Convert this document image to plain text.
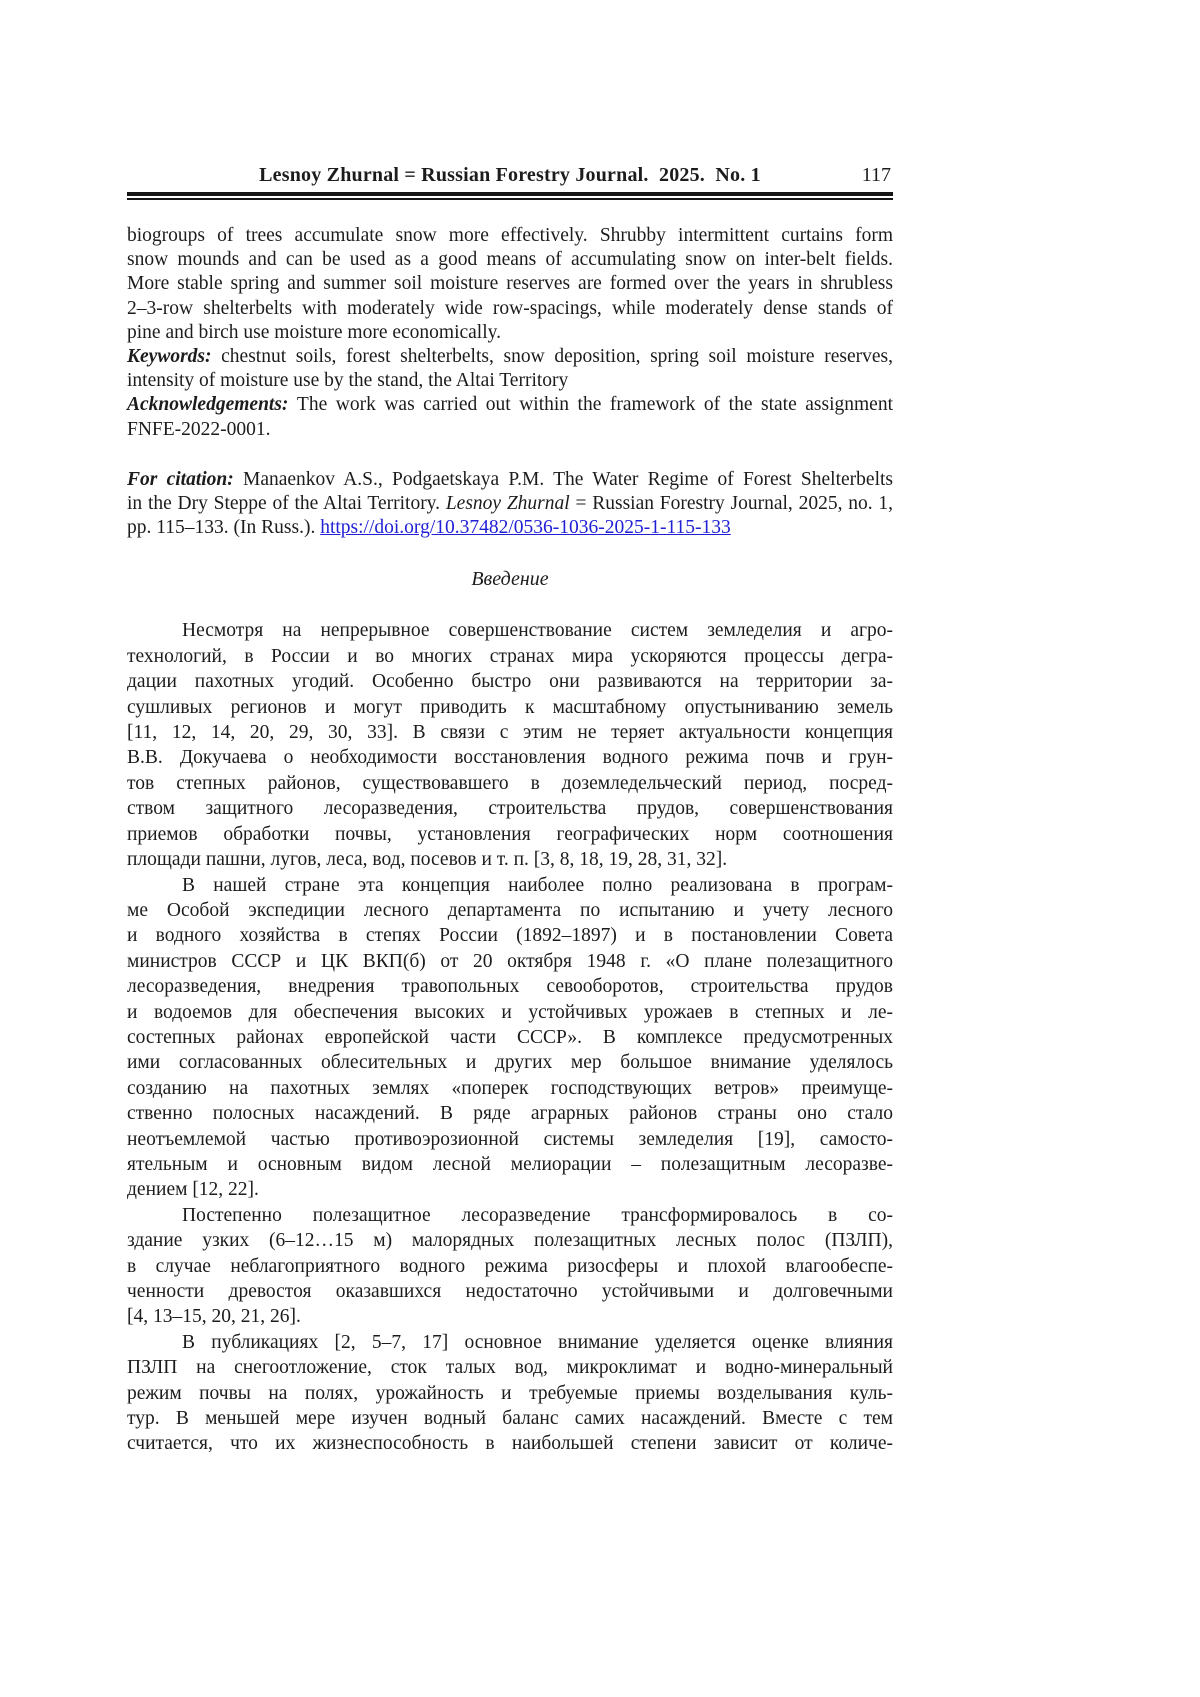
Lesnoy Zhurnal = Russian Forestry Journal.  2025.  No. 1	117
biogroups of trees accumulate snow more effectively. Shrubby intermittent curtains form
snow mounds and can be used as a good means of accumulating snow on inter-belt fields.
More stable spring and summer soil moisture reserves are formed over the years in shrubless
2–3-row shelterbelts with moderately wide row-spacings, while moderately dense stands of
pine and birch use moisture more economically.
Keywords: chestnut soils, forest shelterbelts, snow deposition, spring soil moisture reserves,
intensity of moisture use by the stand, the Altai Territory
Acknowledgements: The work was carried out within the framework of the state assignment
FNFE-2022-0001.
For citation: Manaenkov A.S., Podgaetskaya P.M. The Water Regime of Forest Shelterbelts
in the Dry Steppe of the Altai Territory. Lesnoy Zhurnal = Russian Forestry Journal, 2025, no. 1,
pp. 115–133. (In Russ.). https://doi.org/10.37482/0536-1036-2025-1-115-133
Введение
Несмотря на непрерывное совершенствование систем земледелия и агро-
технологий, в России и во многих странах мира ускоряются процессы дегра-
дации пахотных угодий. Особенно быстро они развиваются на территории за-
сушливых регионов и могут приводить к масштабному опустыниванию земель
[11, 12, 14, 20, 29, 30, 33]. В связи с этим не теряет актуальности концепция
В.В. Докучаева о необходимости восстановления водного режима почв и грун-
тов степных районов, существовавшего в доземледельческий период, посред-
ством защитного лесоразведения, строительства прудов, совершенствования
приемов обработки почвы, установления географических норм соотношения
площади пашни, лугов, леса, вод, посевов и т. п. [3, 8, 18, 19, 28, 31, 32].
В нашей стране эта концепция наиболее полно реализована в програм-
ме Особой экспедиции лесного департамента по испытанию и учету лесного
и водного хозяйства в степях России (1892–1897) и в постановлении Совета
министров СССР и ЦК ВКП(б) от 20 октября 1948 г. «О плане полезащитного
лесоразведения, внедрения травопольных севооборотов, строительства прудов
и водоемов для обеспечения высоких и устойчивых урожаев в степных и ле-
состепных районах европейской части СССР». В комплексе предусмотренных
ими согласованных облесительных и других мер большое внимание уделялось
созданию на пахотных землях «поперек господствующих ветров» преимуще-
ственно полосных насаждений. В ряде аграрных районов страны оно стало
неотъемлемой частью противоэрозионной системы земледелия [19], самосто-
ятельным и основным видом лесной мелиорации – полезащитным лесоразве-
дением [12, 22].
Постепенно полезащитное лесоразведение трансформировалось в со-
здание узких (6–12…15 м) малорядных полезащитных лесных полос (ПЗЛП),
в случае неблагоприятного водного режима ризосферы и плохой влагообеспе-
ченности древостоя оказавшихся недостаточно устойчивыми и долговечными
[4, 13–15, 20, 21, 26].
В публикациях [2, 5–7, 17] основное внимание уделяется оценке влияния
ПЗЛП на снегоотложение, сток талых вод, микроклимат и водно-минеральный
режим почвы на полях, урожайность и требуемые приемы возделывания куль-
тур. В меньшей мере изучен водный баланс самих насаждений. Вместе с тем
считается, что их жизнеспособность в наибольшей степени зависит от количе-
